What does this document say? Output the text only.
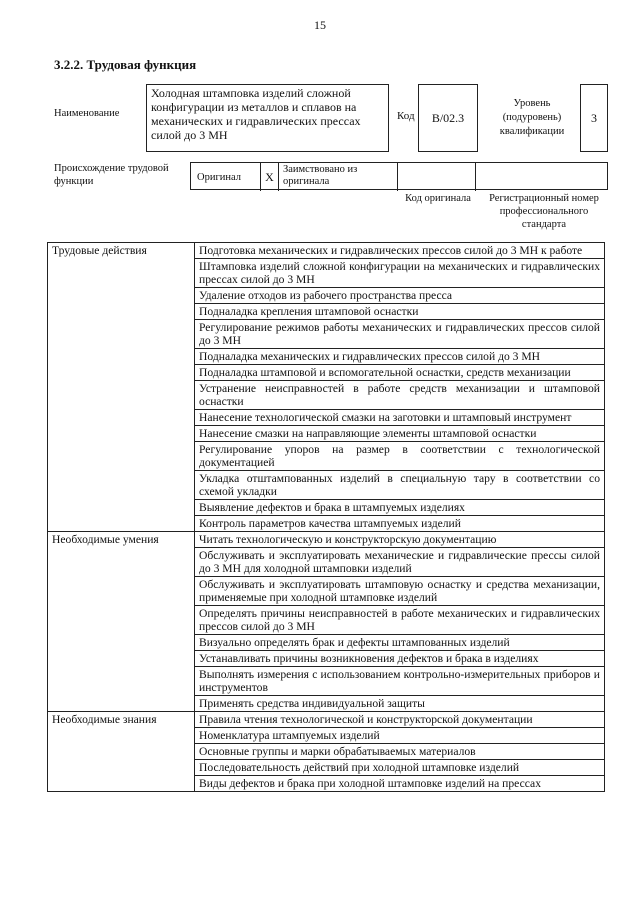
15
3.2.2. Трудовая функция
Наименование
Холодная штамповка изделий сложной конфигурации из металлов и сплавов на механических и гидравлических прессах силой до 3 МН
Код	B/02.3
Уровень (подуровень) квалификации
3
Происхождение трудовой функции	Оригинал	X Заимствовано из оригинала
Код оригинала	Регистрационный номер профессионального стандарта
Трудовые действия	Подготовка механических и гидравлических прессов силой до 3 МН к работе
	Штамповка изделий сложной конфигурации на механических и гидравлических прессах силой до 3 МН
	Удаление отходов из рабочего пространства пресса
	Подналадка крепления штамповой оснастки
	Регулирование режимов работы механических и гидравлических прессов силой до 3 МН
	Подналадка механических и гидравлических прессов силой до 3 МН
	Подналадка штамповой и вспомогательной оснастки, средств механизации
	Устранение неисправностей в работе средств механизации и штамповой оснастки
	Нанесение технологической смазки на заготовки и штамповый инструмент
	Нанесение смазки на направляющие элементы штамповой оснастки
	Регулирование упоров на размер в соответствии с технологической документацией
	Укладка отштампованных изделий в специальную тару в соответствии со схемой укладки
	Выявление дефектов и брака в штампуемых изделиях
	Контроль параметров качества штампуемых изделий
Необходимые умения	Читать технологическую и конструкторскую документацию
	Обслуживать и эксплуатировать механические и гидравлические прессы силой до 3 МН для холодной штамповки изделий
	Обслуживать и эксплуатировать штамповую оснастку и средства механизации, применяемые при холодной штамповке изделий
	Определять причины неисправностей в работе механических и гидравлических прессов силой до 3 МН
	Визуально определять брак и дефекты штампованных изделий
	Устанавливать причины возникновения дефектов и брака в изделиях
	Выполнять измерения с использованием контрольно-измерительных приборов и инструментов
	Применять средства индивидуальной защиты
Необходимые знания	Правила чтения технологической и конструкторской документации
	Номенклатура штампуемых изделий
	Основные группы и марки обрабатываемых материалов
	Последовательность действий при холодной штамповке изделий
	Виды дефектов и брака при холодной штамповке изделий на прессах
